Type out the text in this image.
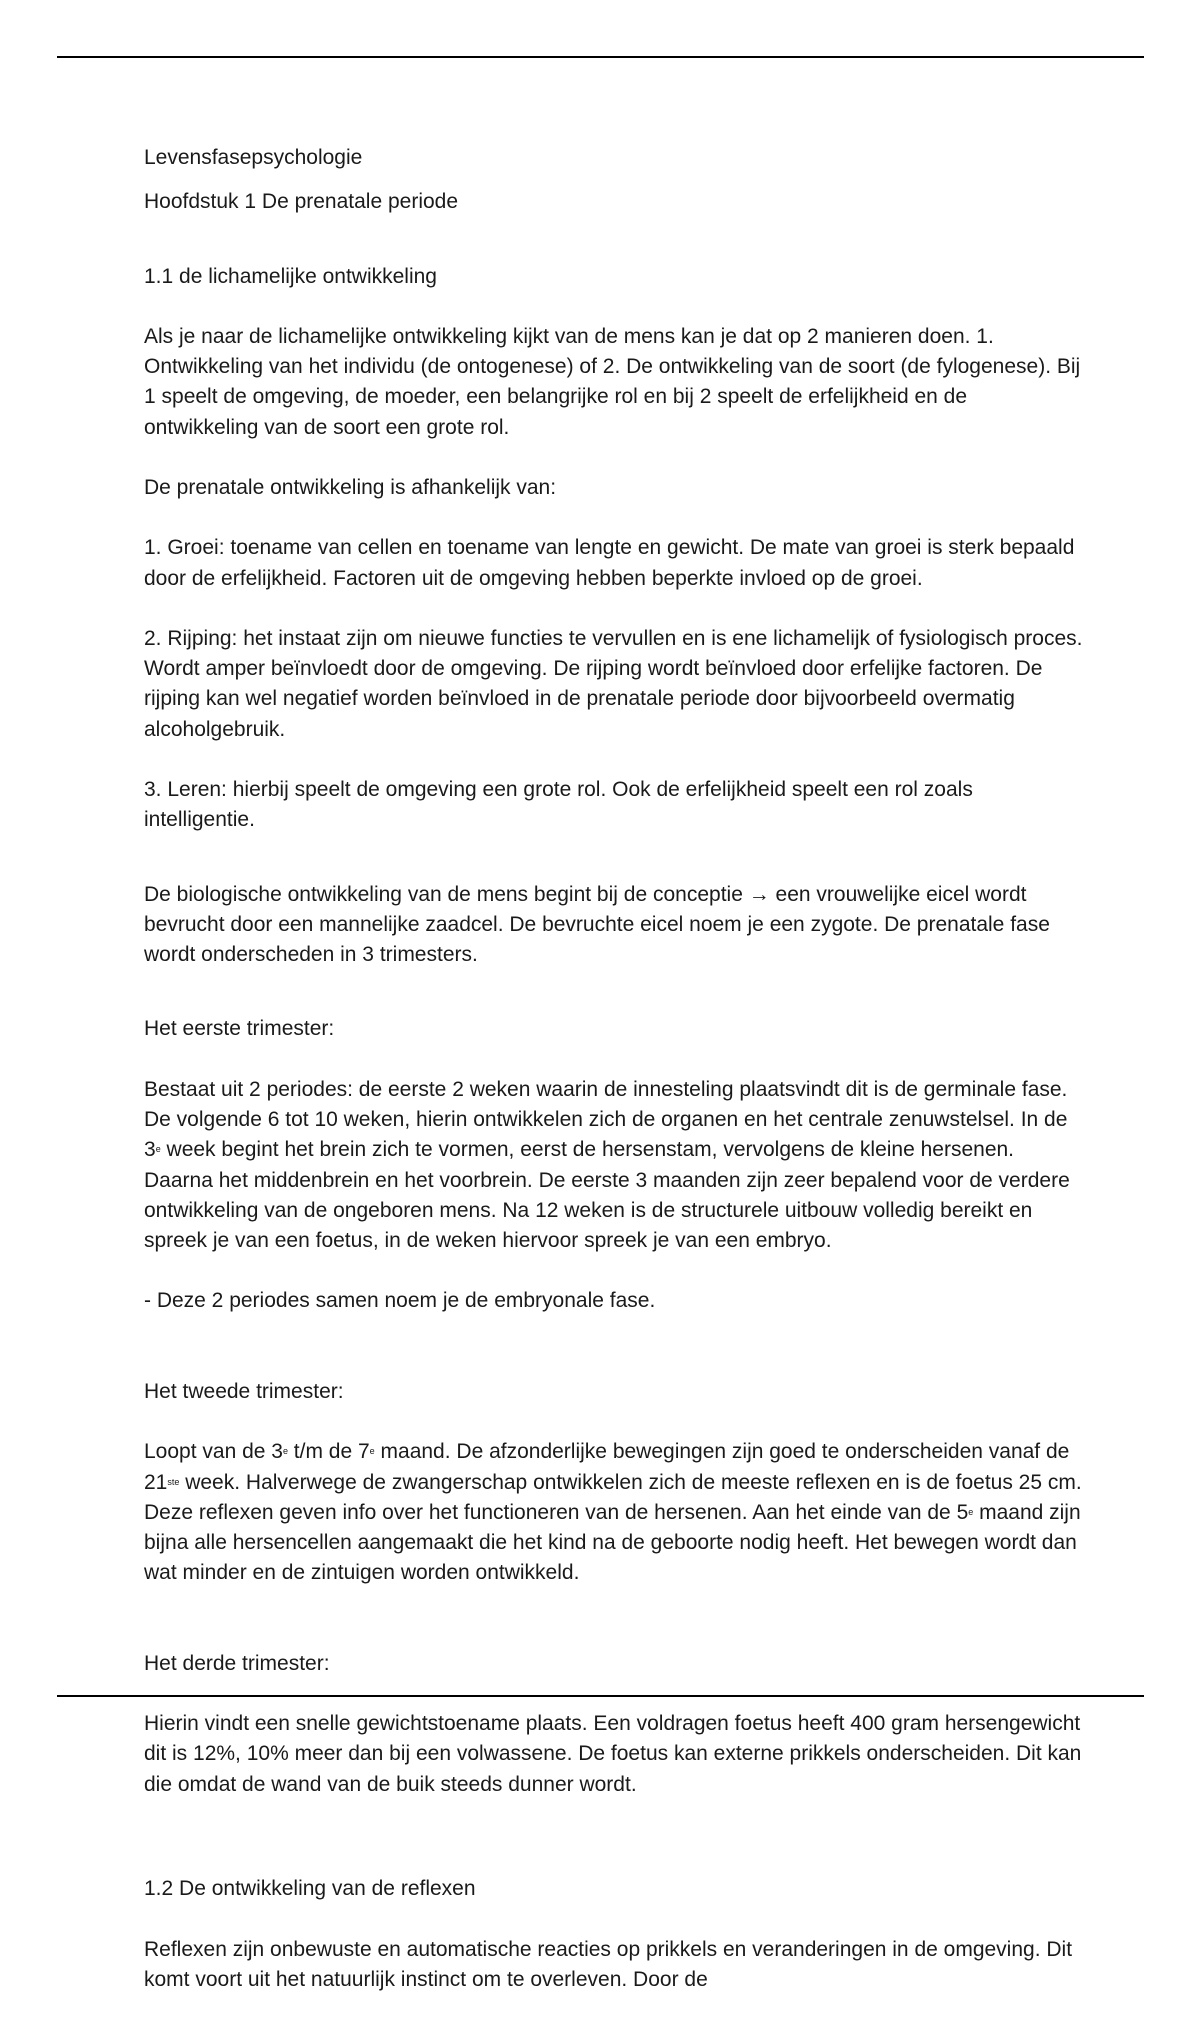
Levensfasepsychologie

Hoofdstuk 1 De prenatale periode

1.1 de lichamelijke ontwikkeling

Als je naar de lichamelijke ontwikkeling kijkt van de mens kan je dat op 2 manieren doen. 1. Ontwikkeling van het individu (de ontogenese) of 2. De ontwikkeling van de soort (de fylogenese). Bij 1 speelt de omgeving, de moeder, een belangrijke rol en bij 2 speelt de erfelijkheid en de ontwikkeling van de soort een grote rol.

De prenatale ontwikkeling is afhankelijk van:

1. Groei: toename van cellen en toename van lengte en gewicht. De mate van groei is sterk bepaald door de erfelijkheid. Factoren uit de omgeving hebben beperkte invloed op de groei.

2. Rijping: het instaat zijn om nieuwe functies te vervullen en is ene lichamelijk of fysiologisch proces. Wordt amper beïnvloedt door de omgeving. De rijping wordt beïnvloed door erfelijke factoren. De rijping kan wel negatief worden beïnvloed in de prenatale periode door bijvoorbeeld overmatig alcoholgebruik.

3. Leren: hierbij speelt de omgeving een grote rol. Ook de erfelijkheid speelt een rol zoals intelligentie.

De biologische ontwikkeling van de mens begint bij de conceptie → een vrouwelijke eicel wordt bevrucht door een mannelijke zaadcel. De bevruchte eicel noem je een zygote. De prenatale fase wordt onderscheden in 3 trimesters.

Het eerste trimester:

Bestaat uit 2 periodes: de eerste 2 weken waarin de innesteling plaatsvindt dit is de germinale fase. De volgende 6 tot 10 weken, hierin ontwikkelen zich de organen en het centrale zenuwstelsel. In de 3e week begint het brein zich te vormen, eerst de hersenstam, vervolgens de kleine hersenen. Daarna het middenbrein en het voorbrein. De eerste 3 maanden zijn zeer bepalend voor de verdere ontwikkeling van de ongeboren mens. Na 12 weken is de structurele uitbouw volledig bereikt en spreek je van een foetus, in de weken hiervoor spreek je van een embryo.

- Deze 2 periodes samen noem je de embryonale fase.

Het tweede trimester:

Loopt van de 3e t/m de 7e maand. De afzonderlijke bewegingen zijn goed te onderscheiden vanaf de 21ste week. Halverwege de zwangerschap ontwikkelen zich de meeste reflexen en is de foetus 25 cm. Deze reflexen geven info over het functioneren van de hersenen. Aan het einde van de 5e maand zijn bijna alle hersencellen aangemaakt die het kind na de geboorte nodig heeft. Het bewegen wordt dan wat minder en de zintuigen worden ontwikkeld.

Het derde trimester:

Hierin vindt een snelle gewichtstoename plaats. Een voldragen foetus heeft 400 gram hersengewicht dit is 12%, 10% meer dan bij een volwassene. De foetus kan externe prikkels onderscheiden. Dit kan die omdat de wand van de buik steeds dunner wordt.

1.2 De ontwikkeling van de reflexen

Reflexen zijn onbewuste en automatische reacties op prikkels en veranderingen in de omgeving. Dit komt voort uit het natuurlijk instinct om te overleven. Door de
